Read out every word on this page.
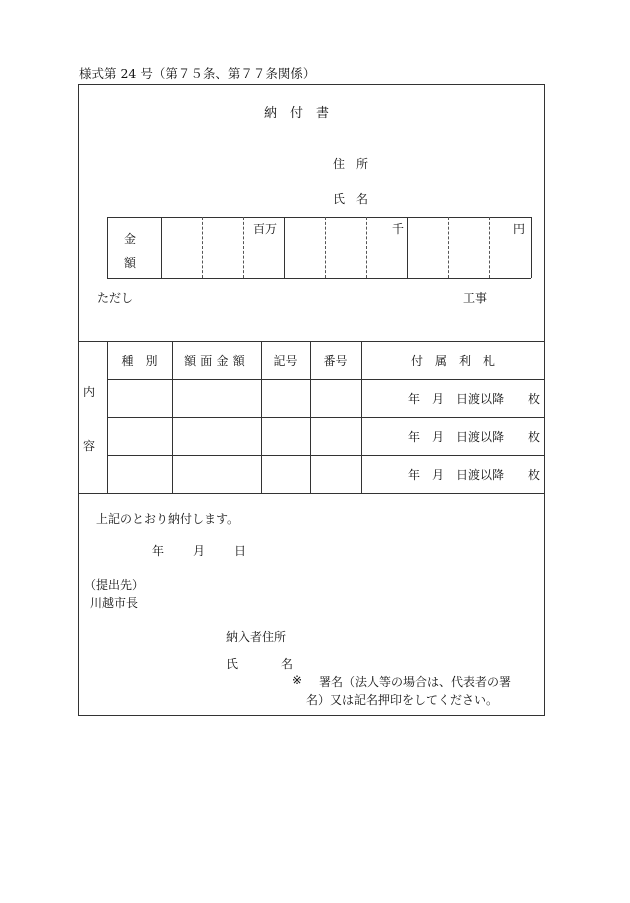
様式第 24 号（第７５条、第７７条関係）
納　付　書
住 所
氏 名
金
額
百万	千	円
ただし	工事
内
容
種　別	額面金額	記号	番号	付　属　利　札
年　月　日渡以降　　枚
年　月　日渡以降　　枚
年　月　日渡以降　　枚
上記のとおり納付します。
年 月 日
（提出先）
川越市長
納入者住所
氏	名
※ 署名（法人等の場合は、代表者の署
名）又は記名押印をしてください。
